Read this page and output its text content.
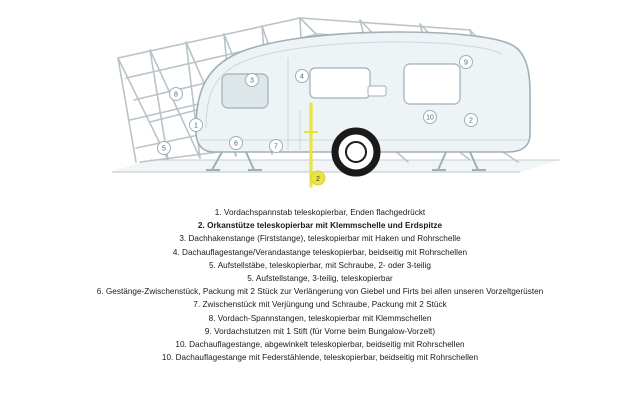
1
3
4
5
6	7
8
9
10	2
2
1. Vordachspannstab teleskopierbar, Enden flachgedrückt
2. Orkanstütze teleskopierbar mit Klemmschelle und Erdspitze
3. Dachhakenstange (Firststange), teleskopierbar mit Haken und Rohrschelle
4. Dachauflagestange/Verandastange teleskopierbar, beidseitig mit Rohrschellen
5. Aufstellstäbe, teleskopierbar, mit Schraube, 2- oder 3-teilig
5. Aufstellstange, 3-teilig, teleskopierbar
6. Gestänge-Zwischenstück, Packung mit 2 Stück zur Verlängerung von Giebel und Firts bei allen unseren Vorzeltgerüsten
7. Zwischenstück mit Verjüngung und Schraube, Packung mit 2 Stück
8. Vordach-Spannstangen, teleskopierbar mit Klemmschellen
9. Vordachstutzen mit 1 Stift (für Vorne beim Bungalow-Vorzelt)
10. Dachauflagestange, abgewinkelt teleskopierbar, beidseitig mit Rohrschellen
10. Dachauflagestange mit Federstählende, teleskopierbar, beidseitig mit Rohrschellen
